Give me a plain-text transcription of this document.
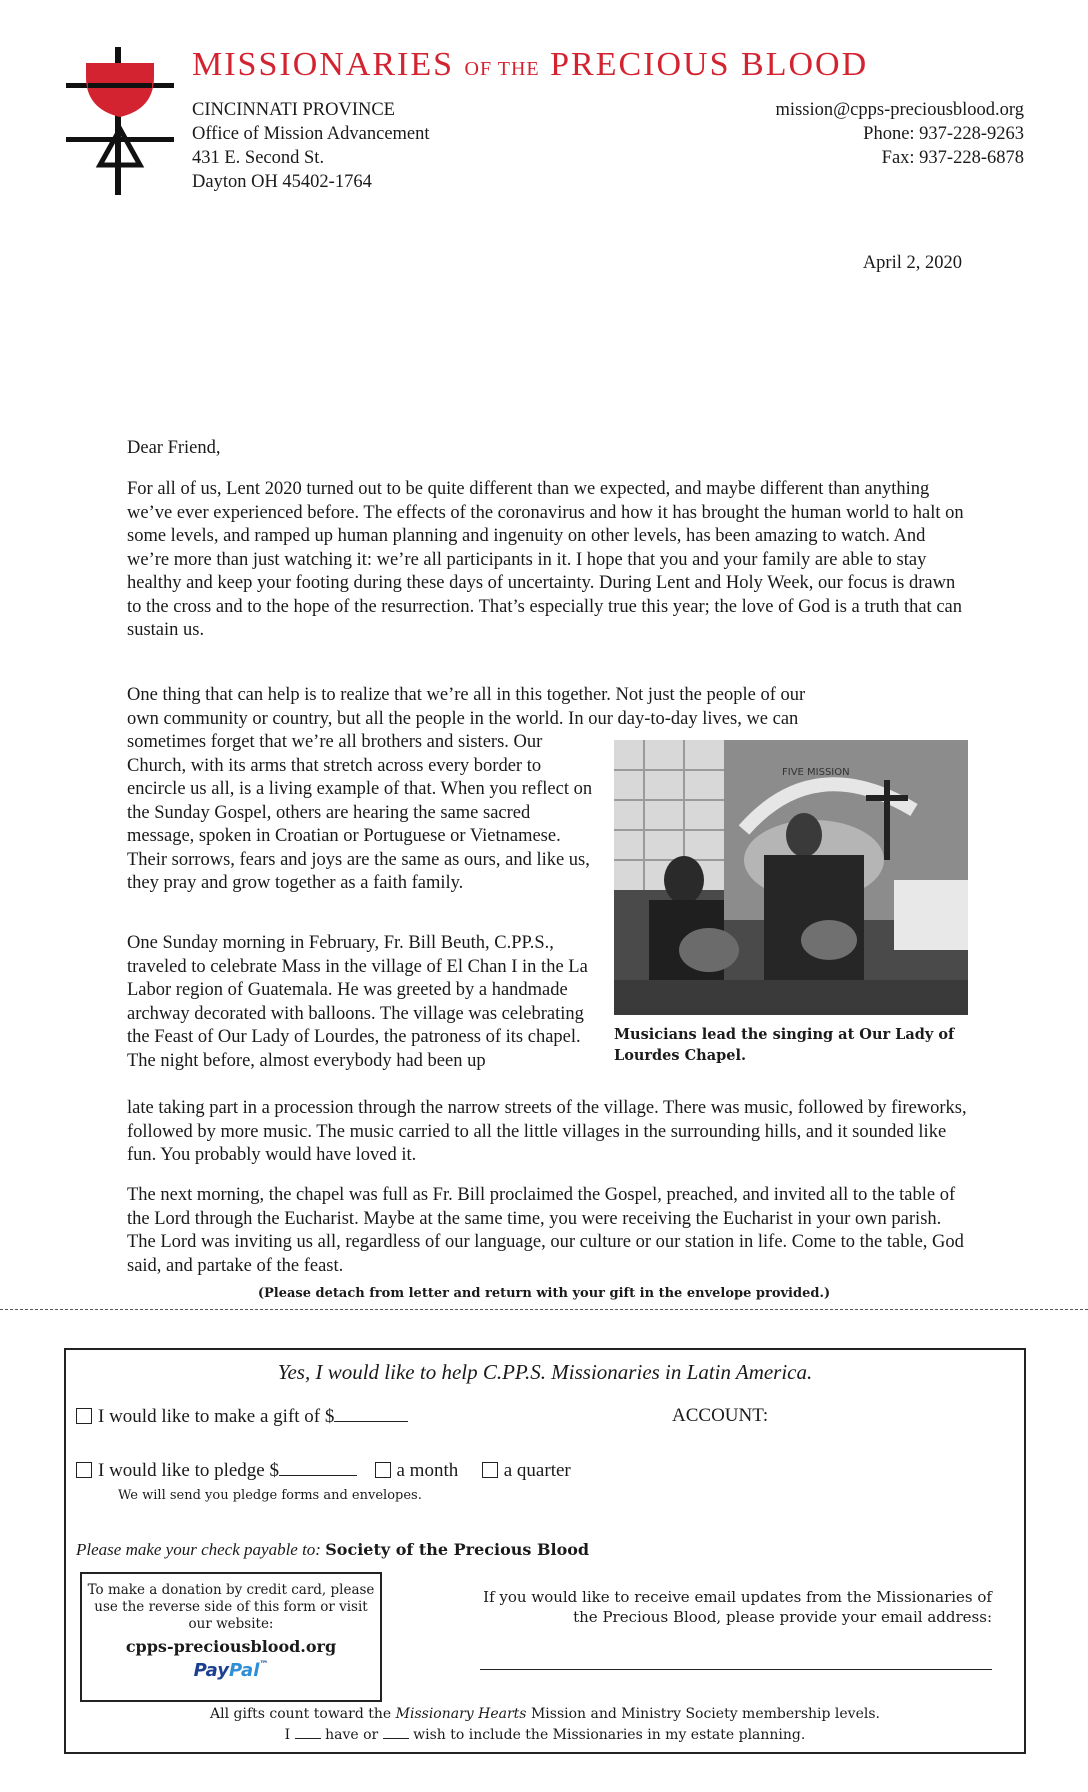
MISSIONARIES OF THE PRECIOUS BLOOD
CINCINNATI PROVINCE
Office of Mission Advancement
431 E. Second St.
Dayton OH 45402-1764
mission@cpps-preciousblood.org
Phone: 937-228-9263
Fax: 937-228-6878
April 2, 2020
Dear Friend,

For all of us, Lent 2020 turned out to be quite different than we expected, and maybe different than anything we’ve ever experienced before. The effects of the coronavirus and how it has brought the human world to halt on some levels, and ramped up human planning and ingenuity on other levels, has been amazing to watch. And we’re more than just watching it: we’re all participants in it. I hope that you and your family are able to stay healthy and keep your footing during these days of uncertainty. During Lent and Holy Week, our focus is drawn to the cross and to the hope of the resurrection. That’s especially true this year; the love of God is a truth that can sustain us.

One thing that can help is to realize that we’re all in this together. Not just the people of our
own community or country, but all the people in the world. In our day-to-day lives, we can

sometimes forget that we’re all brothers and sisters. Our Church, with its arms that stretch across every border to encircle us all, is a living example of that. When you reflect on the Sunday Gospel, others are hearing the same sacred message, spoken in Croatian or Portuguese or Vietnamese. Their sorrows, fears and joys are the same as ours, and like us, they pray and grow together as a faith family.

One Sunday morning in February, Fr. Bill Beuth, C.PP.S., traveled to celebrate Mass in the village of El Chan I in the La Labor region of Guatemala. He was greeted by a handmade archway decorated with balloons. The village was celebrating the Feast of Our Lady of Lourdes, the patroness of its chapel. The night before, almost everybody had been up

late taking part in a procession through the narrow streets of the village. There was music, followed by fireworks, followed by more music. The music carried to all the little villages in the surrounding hills, and it sounded like fun. You probably would have loved it.

The next morning, the chapel was full as Fr. Bill proclaimed the Gospel, preached, and invited all to the table of the Lord through the Eucharist. Maybe at the same time, you were receiving the Eucharist in your own parish. The Lord was inviting us all, regardless of our language, our culture or our station in life. Come to the table, God said, and partake of the feast.

FIVE MISSION
Musicians lead the singing at Our Lady of Lourdes Chapel.
(Please detach from letter and return with your gift in the envelope provided.)
Yes, I would like to help C.PP.S. Missionaries in Latin America.
I would like to make a gift of $	ACCOUNT:
I would like to pledge $	a month a quarter
We will send you pledge forms and envelopes.
Please make your check payable to: Society of the Precious Blood
To make a donation by credit card, please use the reverse side of this form or visit our website:
cpps-preciousblood.org
PayPal™
If you would like to receive email updates from the Missionaries of the Precious Blood, please provide your email address:
All gifts count toward the Missionary Hearts Mission and Ministry Society membership levels.
I have or wish to include the Missionaries in my estate planning.
